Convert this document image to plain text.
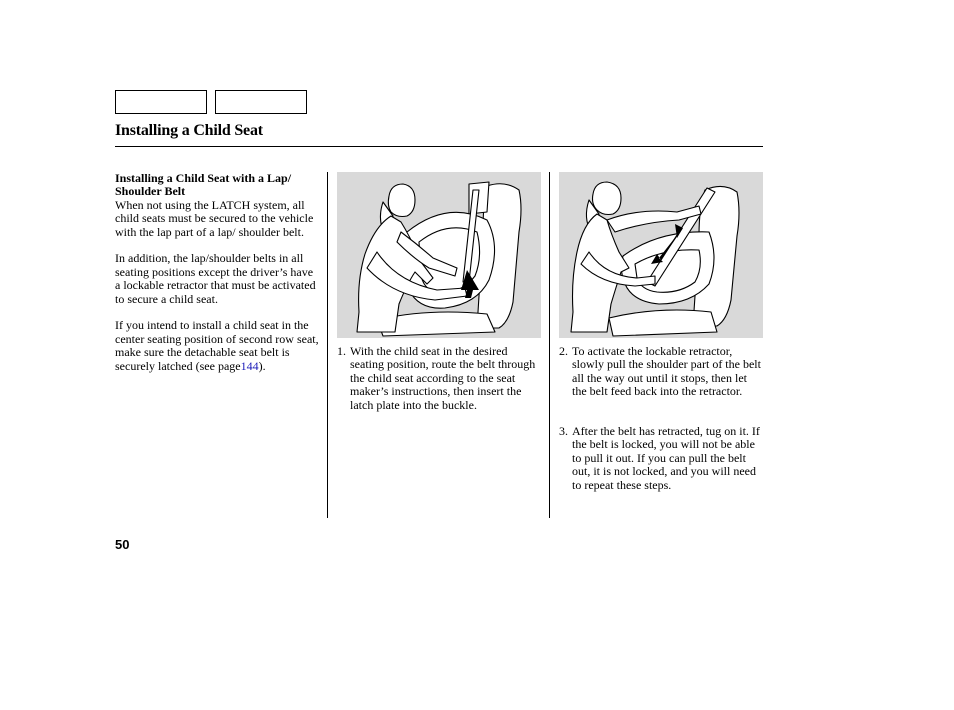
Installing a Child Seat
Installing a Child Seat with a Lap/ Shoulder Belt

When not using the LATCH system, all child seats must be secured to the vehicle with the lap part of a lap/ shoulder belt.

In addition, the lap/shoulder belts in all seating positions except the driver’s have a lockable retractor that must be activated to secure a child seat.

If you intend to install a child seat in the center seating position of second row seat, make sure the detachable seat belt is securely latched (see page144).

1. With the child seat in the desired seating position, route the belt through the child seat according to the seat maker’s instructions, then insert the latch plate into the buckle.
2. To activate the lockable retractor, slowly pull the shoulder part of the belt all the way out until it stops, then let the belt feed back into the retractor.
3. After the belt has retracted, tug on it. If the belt is locked, you will not be able to pull it out. If you can pull the belt out, it is not locked, and you will need to repeat these steps.
50
